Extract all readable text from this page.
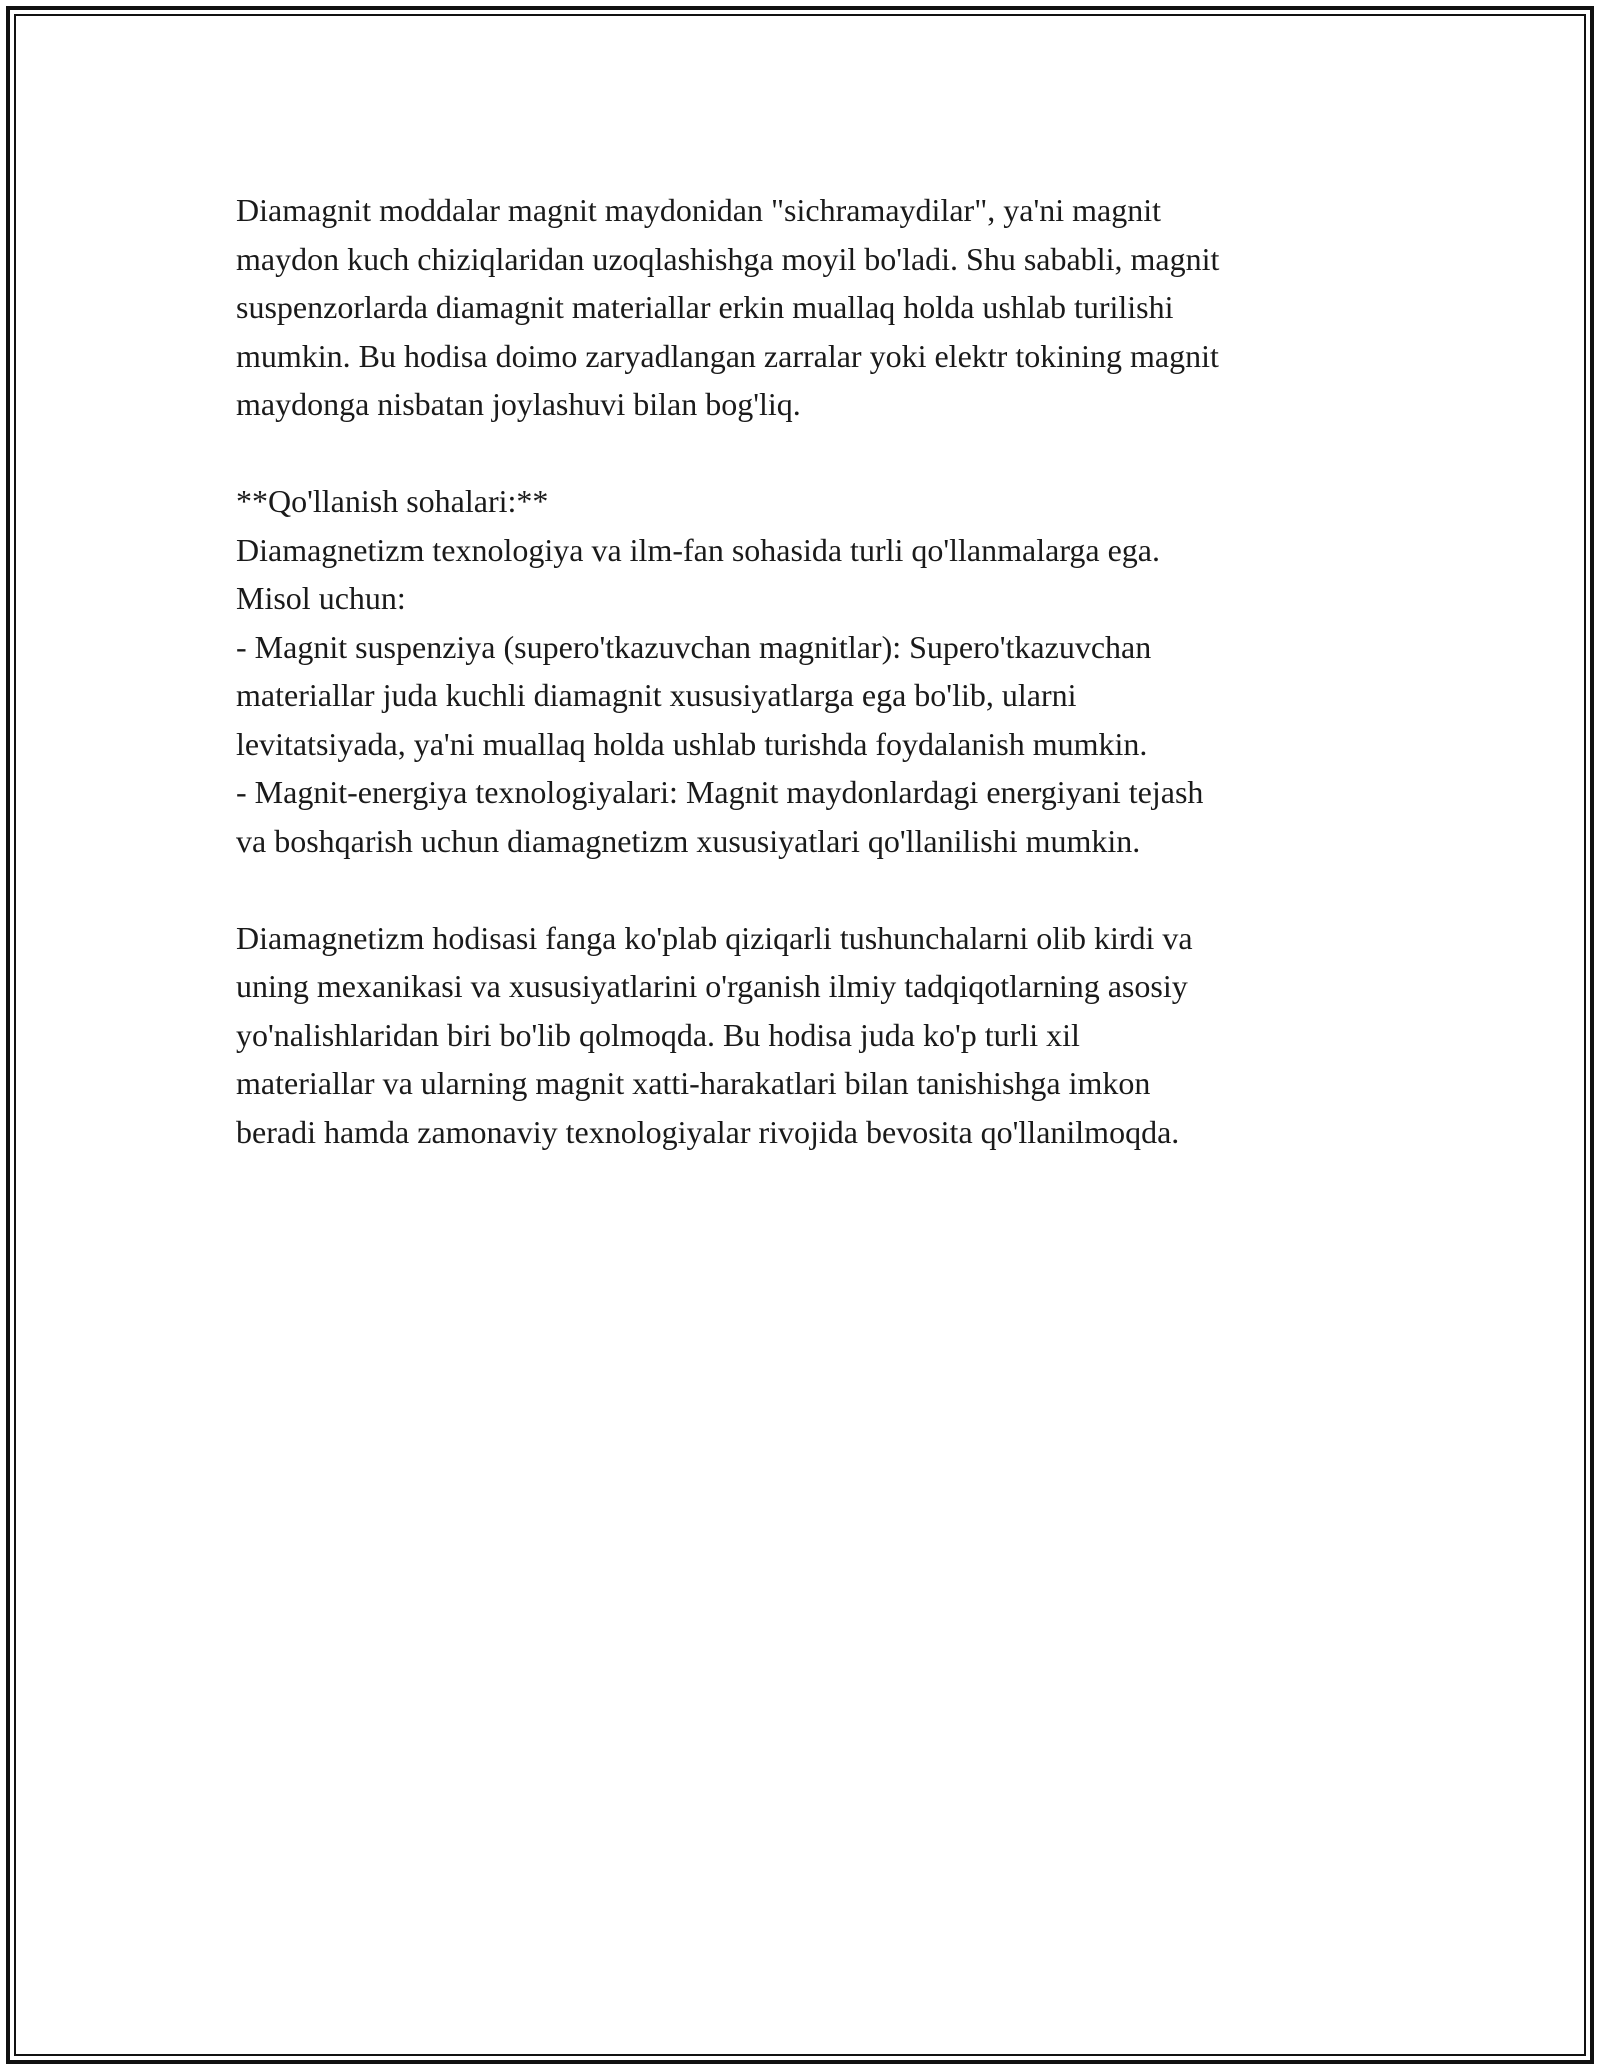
Diamagnit moddalar magnit maydonidan "sichramaydilar", ya'ni magnit
maydon kuch chiziqlaridan uzoqlashishga moyil bo'ladi. Shu sababli, magnit
suspenzorlarda diamagnit materiallar erkin muallaq holda ushlab turilishi
mumkin. Bu hodisa doimo zaryadlangan zarralar yoki elektr tokining magnit
maydonga nisbatan joylashuvi bilan bog'liq.
**Qo'llanish sohalari:**
Diamagnetizm texnologiya va ilm-fan sohasida turli qo'llanmalarga ega.
Misol uchun:
- Magnit suspenziya (supero'tkazuvchan magnitlar): Supero'tkazuvchan
materiallar juda kuchli diamagnit xususiyatlarga ega bo'lib, ularni
levitatsiyada, ya'ni muallaq holda ushlab turishda foydalanish mumkin.
- Magnit-energiya texnologiyalari: Magnit maydonlardagi energiyani tejash
va boshqarish uchun diamagnetizm xususiyatlari qo'llanilishi mumkin.
Diamagnetizm hodisasi fanga ko'plab qiziqarli tushunchalarni olib kirdi va
uning mexanikasi va xususiyatlarini o'rganish ilmiy tadqiqotlarning asosiy
yo'nalishlaridan biri bo'lib qolmoqda. Bu hodisa juda ko'p turli xil
materiallar va ularning magnit xatti-harakatlari bilan tanishishga imkon
beradi hamda zamonaviy texnologiyalar rivojida bevosita qo'llanilmoqda.
